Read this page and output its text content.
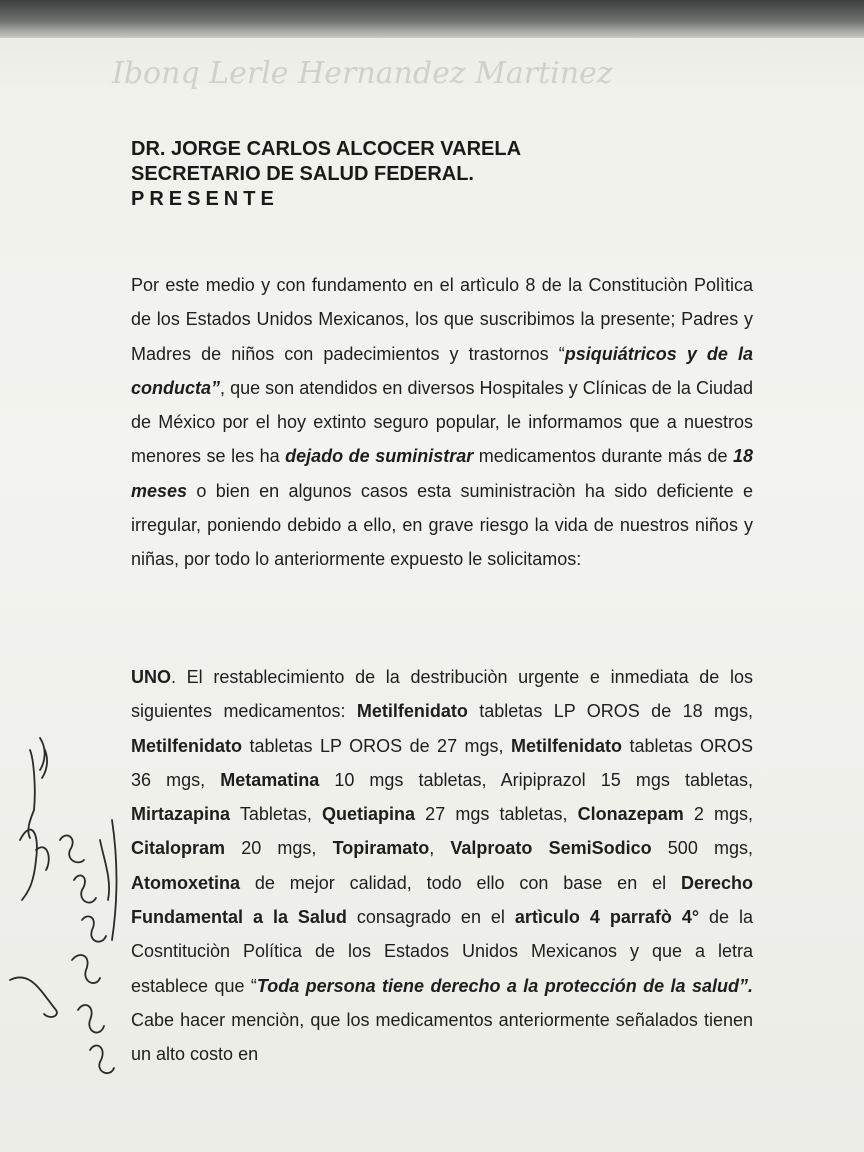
Ibonq Lerle Hernandez Martinez
DR. JORGE CARLOS ALCOCER VARELA
SECRETARIO DE SALUD FEDERAL.
PRESENTE
Por este medio y con fundamento en el artìculo 8 de la Constituciòn Polìtica de los Estados Unidos Mexicanos, los que suscribimos la presente; Padres y Madres de niños con padecimientos y trastornos “psiquiátricos y de la conducta”, que son atendidos en diversos Hospitales y Clínicas de la Ciudad de México por el hoy extinto seguro popular, le informamos que a nuestros menores se les ha dejado de suministrar medicamentos durante más de 18 meses o bien en algunos casos esta suministraciòn ha sido deficiente e irregular, poniendo debido a ello, en grave riesgo la vida de nuestros niños y niñas, por todo lo anteriormente expuesto le solicitamos:
UNO. El restablecimiento de la destribuciòn urgente e inmediata de los siguientes medicamentos: Metilfenidato tabletas LP OROS de 18 mgs, Metilfenidato tabletas LP OROS de 27 mgs, Metilfenidato tabletas OROS 36 mgs, Metamatina 10 mgs tabletas, Aripiprazol 15 mgs tabletas, Mirtazapina Tabletas, Quetiapina 27 mgs tabletas, Clonazepam 2 mgs, Citalopram 20 mgs, Topiramato, Valproato SemiSodico 500 mgs, Atomoxetina de mejor calidad, todo ello con base en el Derecho Fundamental a la Salud consagrado en el artìculo 4 parrafò 4° de la Cosntituciòn Política de los Estados Unidos Mexicanos y que a letra establece que “Toda persona tiene derecho a la protección de la salud”. Cabe hacer menciòn, que los medicamentos anteriormente señalados tienen un alto costo en
